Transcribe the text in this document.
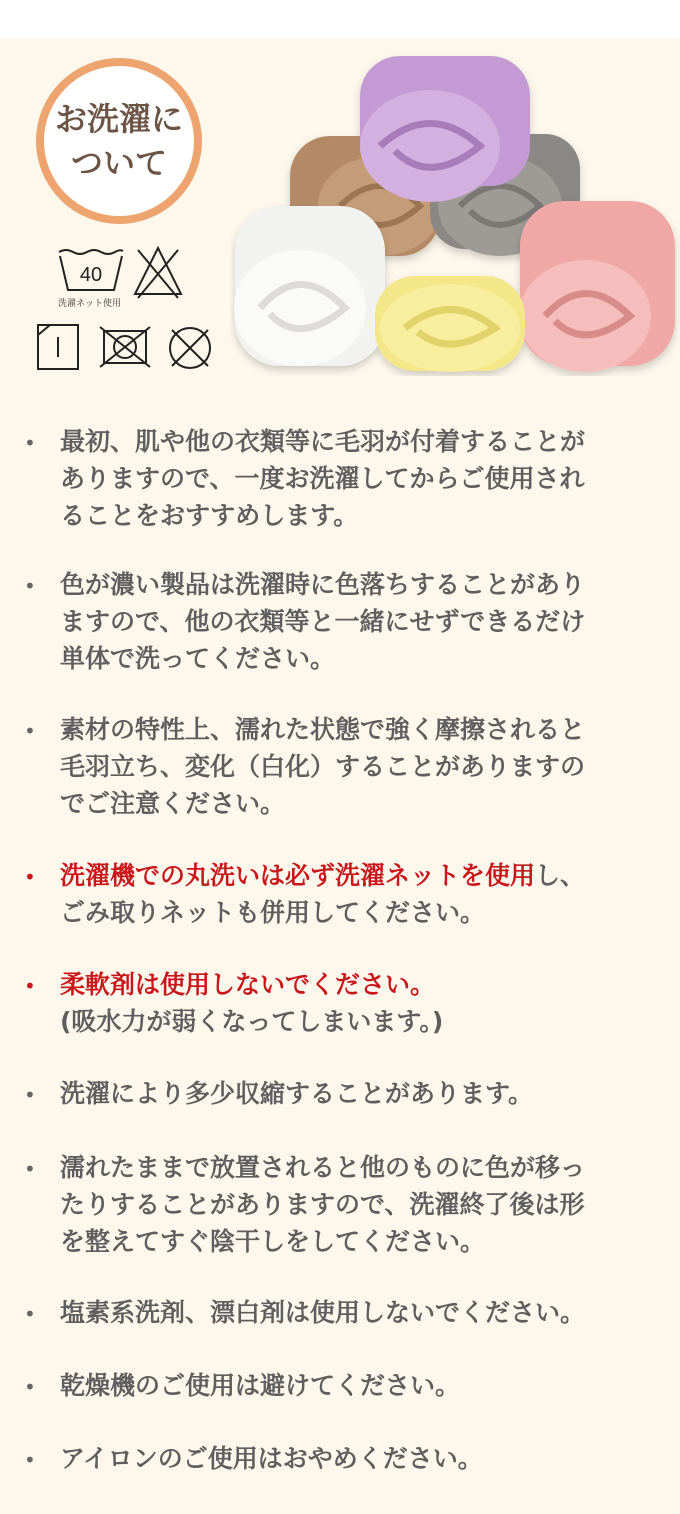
お洗濯に
ついて
40
洗濯ネット使用
• 最初、肌や他の衣類等に毛羽が付着することが
ありますので、一度お洗濯してからご使用され
ることをおすすめします。
• 色が濃い製品は洗濯時に色落ちすることがあり
ますので、他の衣類等と一緒にせずできるだけ
単体で洗ってください。
• 素材の特性上、濡れた状態で強く摩擦されると
毛羽立ち、変化（白化）することがありますの
でご注意ください。
• 洗濯機での丸洗いは必ず洗濯ネットを使用し、
ごみ取りネットも併用してください。
• 柔軟剤は使用しないでください。
(吸水力が弱くなってしまいます。)
• 洗濯により多少収縮することがあります。
• 濡れたままで放置されると他のものに色が移っ
たりすることがありますので、洗濯終了後は形
を整えてすぐ陰干しをしてください。
• 塩素系洗剤、漂白剤は使用しないでください。
• 乾燥機のご使用は避けてください。
• アイロンのご使用はおやめください。
